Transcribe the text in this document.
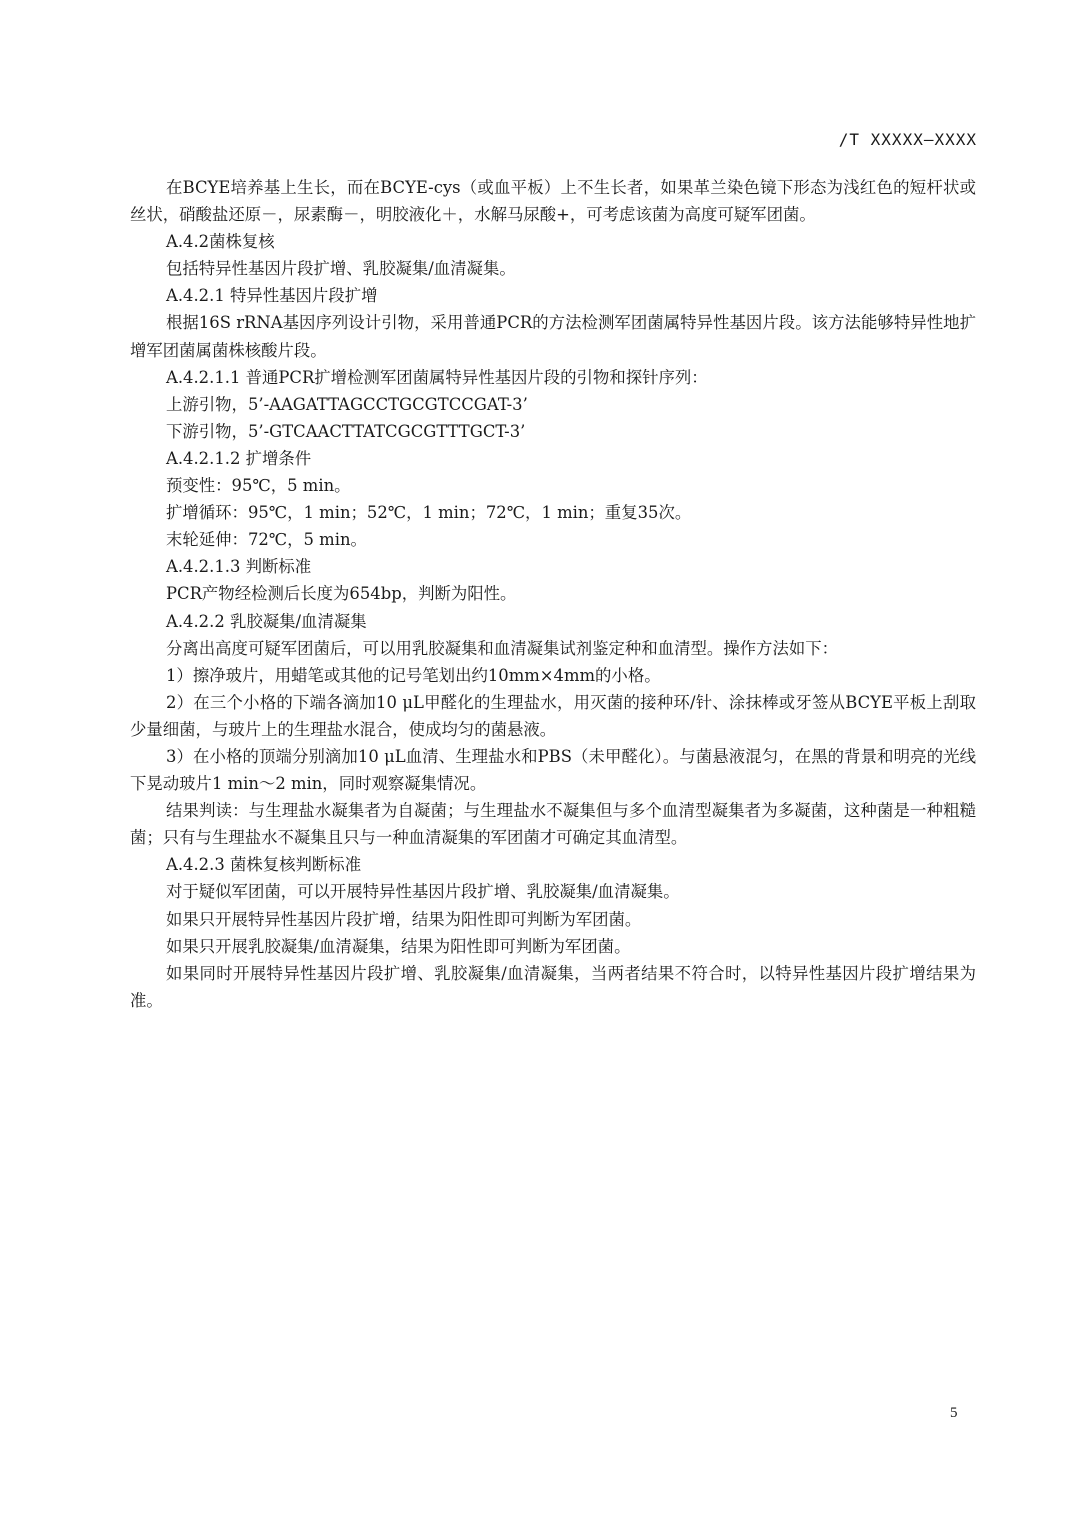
/T XXXXX—XXXX

在BCYE培养基上生长，而在BCYE-cys（或血平板）上不生长者，如果革兰染色镜下形态为浅红色的短杆状或丝状，硝酸盐还原－，尿素酶－，明胶液化＋，水解马尿酸+，可考虑该菌为高度可疑军团菌。

A.4.2菌株复核

包括特异性基因片段扩增、乳胶凝集/血清凝集。

A.4.2.1 特异性基因片段扩增

根据16S rRNA基因序列设计引物，采用普通PCR的方法检测军团菌属特异性基因片段。该方法能够特异性地扩增军团菌属菌株核酸片段。

A.4.2.1.1 普通PCR扩增检测军团菌属特异性基因片段的引物和探针序列：

上游引物，5’-AAGATTAGCCTGCGTCCGAT-3’

下游引物，5’-GTCAACTTATCGCGTTTGCT-3’

A.4.2.1.2 扩增条件

预变性：95℃，5 min。

扩增循环：95℃，1 min；52℃，1 min；72℃，1 min；重复35次。

末轮延伸：72℃，5 min。

A.4.2.1.3 判断标准

PCR产物经检测后长度为654bp，判断为阳性。

A.4.2.2 乳胶凝集/血清凝集

分离出高度可疑军团菌后，可以用乳胶凝集和血清凝集试剂鉴定种和血清型。操作方法如下：

1）擦净玻片，用蜡笔或其他的记号笔划出约10mm×4mm的小格。

2）在三个小格的下端各滴加10 μL甲醛化的生理盐水，用灭菌的接种环/针、涂抹棒或牙签从BCYE平板上刮取少量细菌，与玻片上的生理盐水混合，使成均匀的菌悬液。

3）在小格的顶端分别滴加10 μL血清、生理盐水和PBS（未甲醛化）。与菌悬液混匀，在黑的背景和明亮的光线下晃动玻片1 min～2 min，同时观察凝集情况。

结果判读：与生理盐水凝集者为自凝菌；与生理盐水不凝集但与多个血清型凝集者为多凝菌，这种菌是一种粗糙菌；只有与生理盐水不凝集且只与一种血清凝集的军团菌才可确定其血清型。

A.4.2.3 菌株复核判断标准

对于疑似军团菌，可以开展特异性基因片段扩增、乳胶凝集/血清凝集。

如果只开展特异性基因片段扩增，结果为阳性即可判断为军团菌。

如果只开展乳胶凝集/血清凝集，结果为阳性即可判断为军团菌。

如果同时开展特异性基因片段扩增、乳胶凝集/血清凝集，当两者结果不符合时，以特异性基因片段扩增结果为准。

5
